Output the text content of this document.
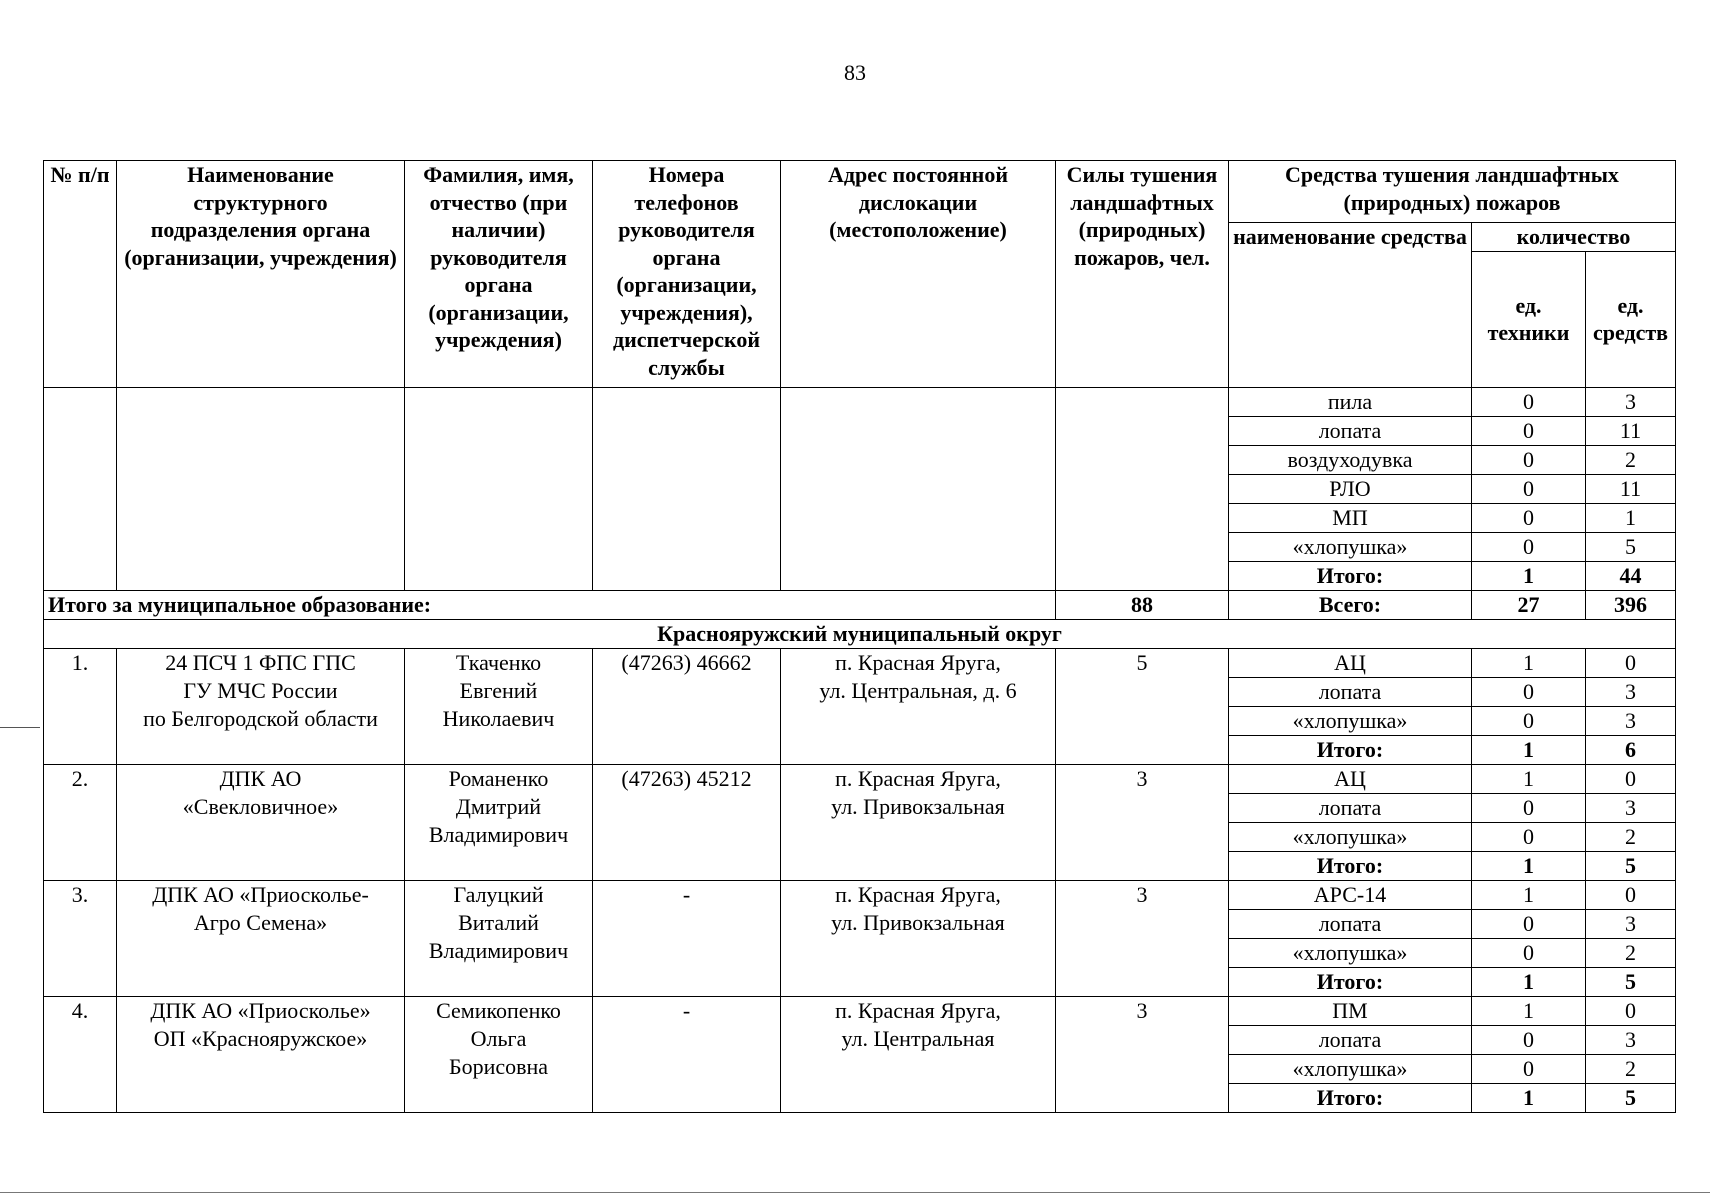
83
№ п/п	Наименование структурного подразделения органа (организации, учреждения)	Фамилия, имя, отчество (при наличии) руководителя органа (организации, учреждения)	Номера телефонов руководителя органа (организации, учреждения), диспетчерской службы	Адрес постоянной дислокации (местоположение)	Силы тушения ландшафтных (природных) пожаров, чел.	Средства тушения ландшафтных (природных) пожаров		
						наименование средства	количество	
							ед. техники	ед. средств
						пила	0	3
						лопата	0	11
						воздуходувка	0	2
						РЛО	0	11
						МП	0	1
						«хлопушка»	0	5
						Итого:	1	44
Итого за муниципальное образование:					88	Всего:	27	396
Краснояружский муниципальный округ								
1.	24 ПСЧ 1 ФПС ГПС
ГУ МЧС России
по Белгородской области	Ткаченко
Евгений
Николаевич	(47263) 46662	п. Красная Яруга,
ул. Центральная, д. 6	5	АЦ	1	0
						лопата	0	3
						«хлопушка»	0	3
						Итого:	1	6
2.	ДПК АО
«Свекловичное»	Романенко
Дмитрий
Владимирович	(47263) 45212	п. Красная Яруга,
ул. Привокзальная	3	АЦ	1	0
						лопата	0	3
						«хлопушка»	0	2
						Итого:	1	5
3.	ДПК АО «Приосколье-
Агро Семена»	Галуцкий
Виталий
Владимирович	-	п. Красная Яруга,
ул. Привокзальная	3	АРС-14	1	0
						лопата	0	3
						«хлопушка»	0	2
						Итого:	1	5
4.	ДПК АО «Приосколье»
ОП «Краснояружское»	Семикопенко
Ольга
Борисовна	-	п. Красная Яруга,
ул. Центральная	3	ПМ	1	0
						лопата	0	3
						«хлопушка»	0	2
						Итого:	1	5
